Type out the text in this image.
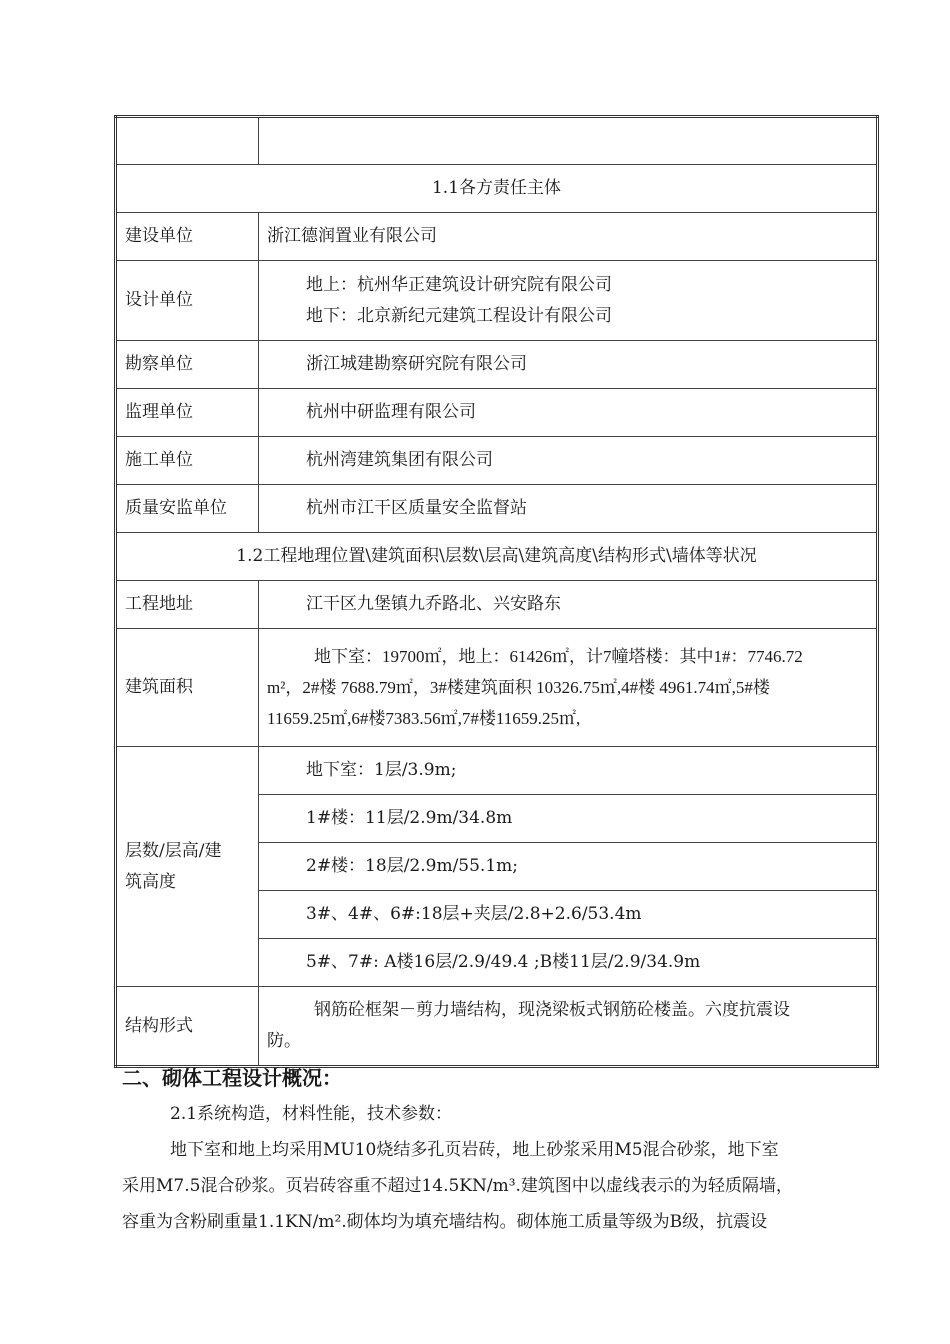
1.1各方责任主体	
建设单位	浙江德润置业有限公司
设计单位	地上：杭州华正建筑设计研究院有限公司
地下：北京新纪元建筑工程设计有限公司

勘察单位	浙江城建勘察研究院有限公司
监理单位	杭州中研监理有限公司
施工单位	杭州湾建筑集团有限公司
质量安监单位	杭州市江干区质量安全监督站
1.2工程地理位置\建筑面积\层数\层高\建筑高度\结构形式\墙体等状况	
工程地址	江干区九堡镇九乔路北、兴安路东
建筑面积	地下室：19700㎡，地上：61426㎡，计7幢塔楼：其中1#：7746.72
m²，2#楼 7688.79㎡，3#楼建筑面积 10326.75㎡,4#楼 4961.74㎡,5#楼
11659.25㎡,6#楼7383.56㎡,7#楼11659.25㎡,

层数/层高/建
筑高度	地下室：1层/3.9m;
	1#楼：11层/2.9m/34.8m
	2#楼：18层/2.9m/55.1m;
	3#、4#、6#:18层+夹层/2.8+2.6/53.4m
	5#、7#: A楼16层/2.9/49.4 ;B楼11层/2.9/34.9m
结构形式	钢筋砼框架－剪力墙结构，现浇梁板式钢筋砼楼盖。六度抗震设
防。
二、砌体工程设计概况：

2.1系统构造，材料性能，技术参数：

地下室和地上均采用MU10烧结多孔页岩砖，地上砂浆采用M5混合砂浆，地下室

采用M7.5混合砂浆。页岩砖容重不超过14.5KN/m³.建筑图中以虚线表示的为轻质隔墙，

容重为含粉刷重量1.1KN/m².砌体均为填充墙结构。砌体施工质量等级为B级，抗震设
